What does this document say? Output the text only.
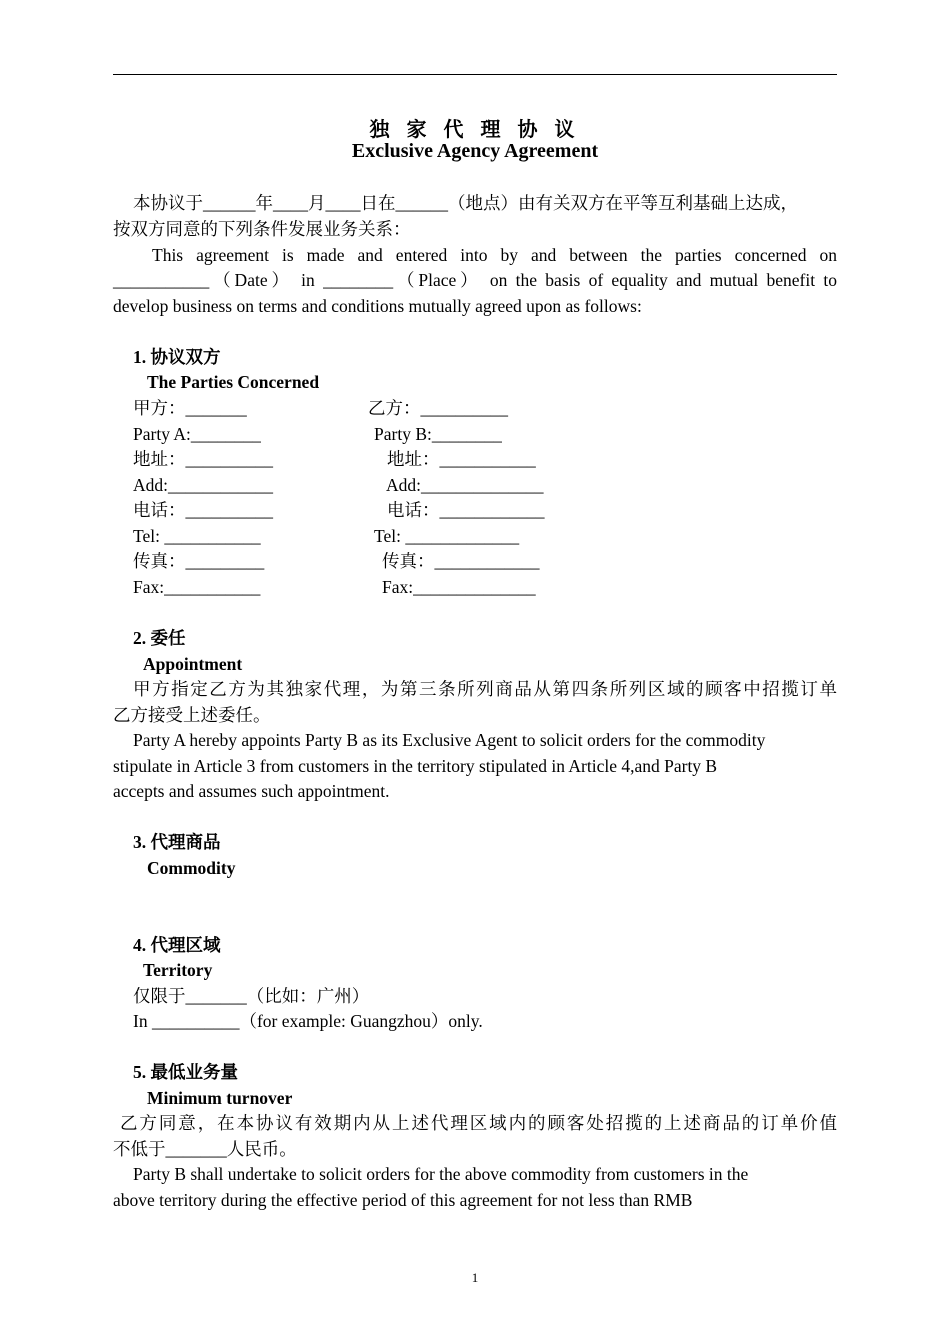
独 家 代 理 协 议
Exclusive Agency Agreement
本协议于______年____月____日在______（地点）由有关双方在平等互利基础上达成，
按双方同意的下列条件发展业务关系：
This agreement is made and entered into by and between the parties concerned on
___________（Date） in ________（Place） on the basis of equality and mutual benefit to
develop business on terms and conditions mutually agreed upon as follows:
1. 协议双方
The Parties Concerned
甲方：_______
Party A:________
地址：__________
Add:____________
电话：__________
Tel: ___________
传真：_________
Fax:___________
乙方：__________
Party B:________
地址：___________
Add:______________
电话：____________
Tel: _____________
传真：____________
Fax:______________
2. 委任
Appointment
甲方指定乙方为其独家代理，为第三条所列商品从第四条所列区域的顾客中招揽订单
乙方接受上述委任。
Party A hereby appoints Party B as its Exclusive Agent to solicit orders for the commodity
stipulate in Article 3 from customers in the territory stipulated in Article 4,and Party B
accepts and assumes such appointment.
3. 代理商品
Commodity
4. 代理区域
Territory
仅限于_______（比如：广州）
In __________（for example: Guangzhou）only.
5. 最低业务量
Minimum turnover
乙方同意，在本协议有效期内从上述代理区域内的顾客处招揽的上述商品的订单价值
不低于_______人民币。
Party B shall undertake to solicit orders for the above commodity from customers in the
above territory during the effective period of this agreement for not less than RMB
1
